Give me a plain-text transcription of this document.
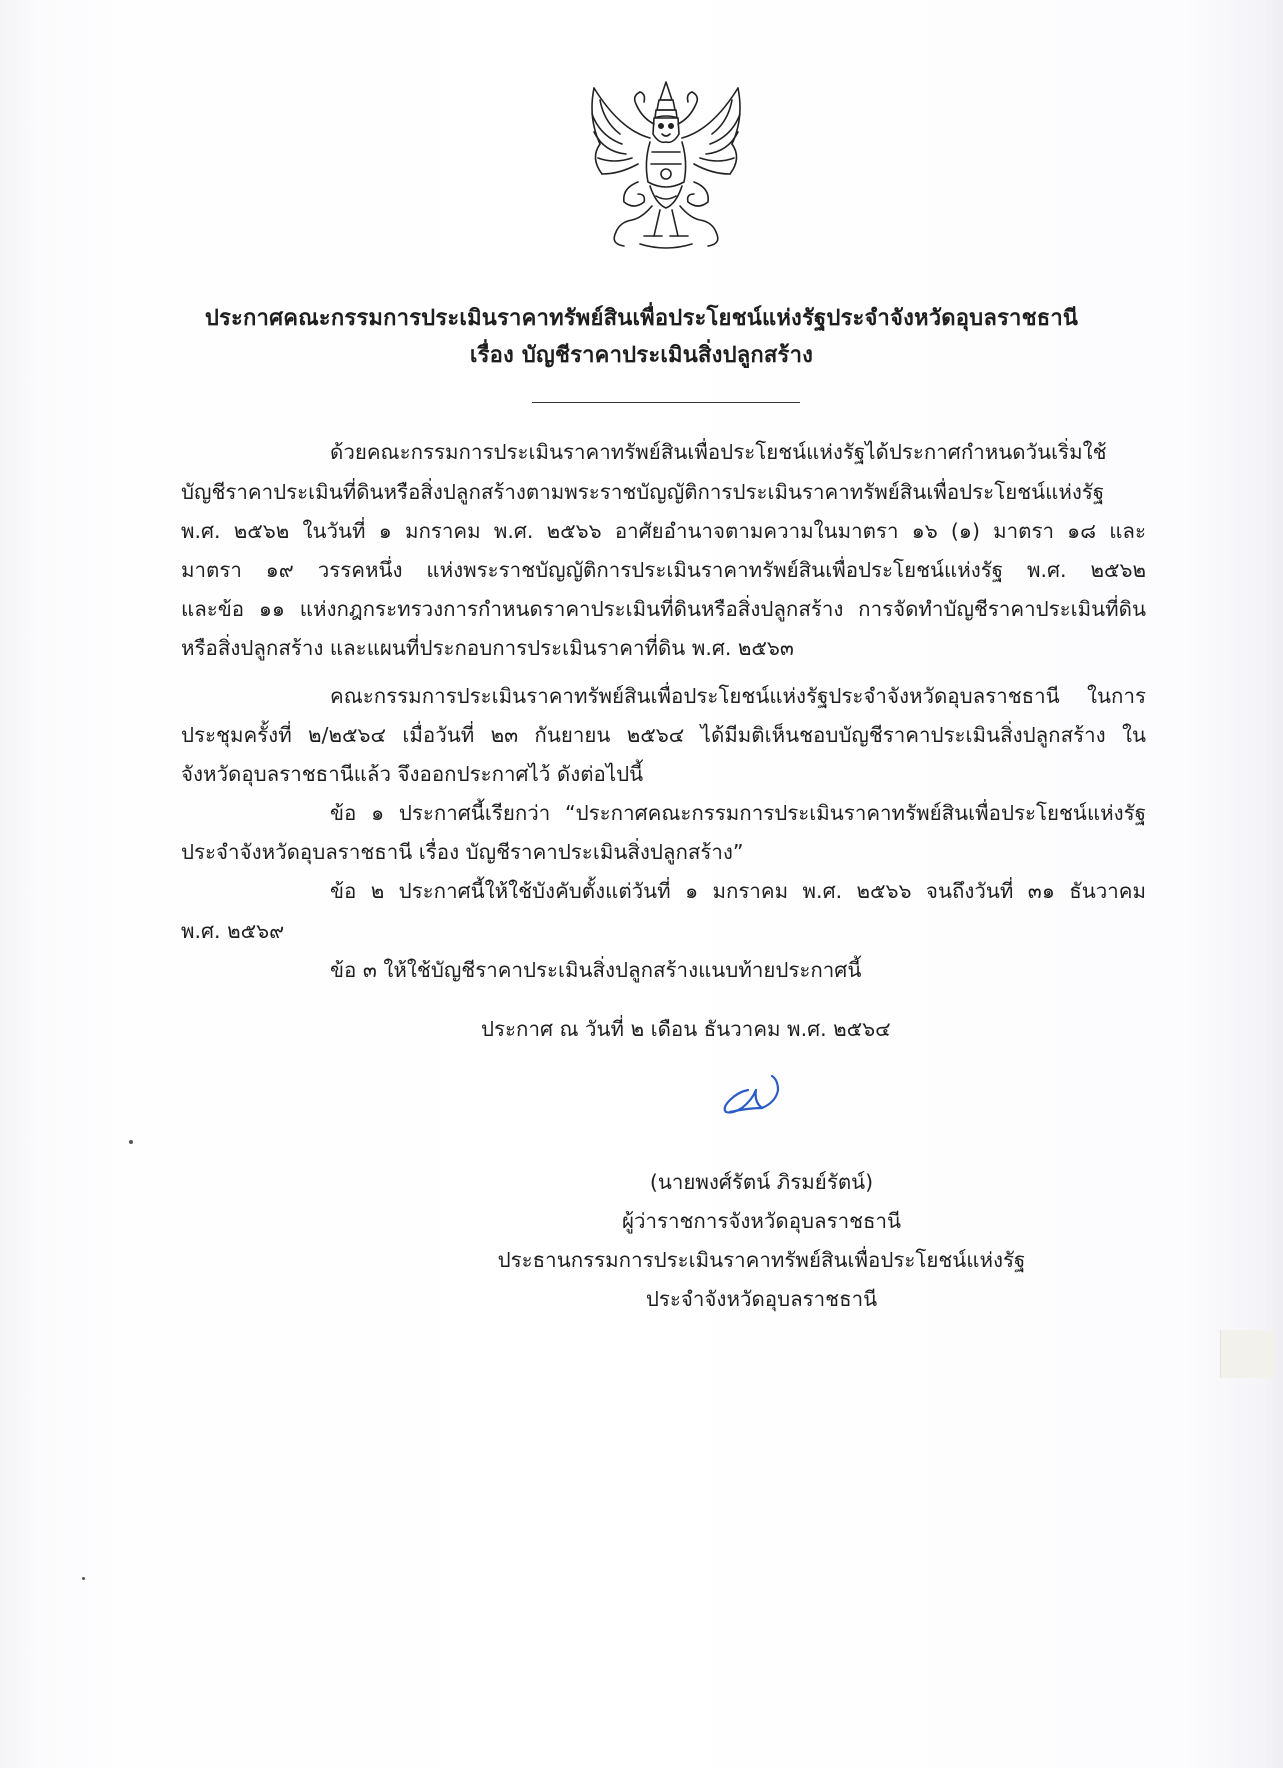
ประกาศคณะกรรมการประเมินราคาทรัพย์สินเพื่อประโยชน์แห่งรัฐประจำจังหวัดอุบลราชธานี
เรื่อง บัญชีราคาประเมินสิ่งปลูกสร้าง
ด้วยคณะกรรมการประเมินราคาทรัพย์สินเพื่อประโยชน์แห่งรัฐได้ประกาศกำหนดวันเริ่มใช้
บัญชีราคาประเมินที่ดินหรือสิ่งปลูกสร้างตามพระราชบัญญัติการประเมินราคาทรัพย์สินเพื่อประโยชน์แห่งรัฐ
พ.ศ. ๒๕๖๒ ในวันที่ ๑ มกราคม พ.ศ. ๒๕๖๖ อาศัยอำนาจตามความในมาตรา ๑๖ (๑) มาตรา ๑๘ และ
มาตรา ๑๙ วรรคหนึ่ง แห่งพระราชบัญญัติการประเมินราคาทรัพย์สินเพื่อประโยชน์แห่งรัฐ พ.ศ. ๒๕๖๒
และข้อ ๑๑ แห่งกฎกระทรวงการกำหนดราคาประเมินที่ดินหรือสิ่งปลูกสร้าง การจัดทำบัญชีราคาประเมินที่ดิน
หรือสิ่งปลูกสร้าง และแผนที่ประกอบการประเมินราคาที่ดิน พ.ศ. ๒๕๖๓
คณะกรรมการประเมินราคาทรัพย์สินเพื่อประโยชน์แห่งรัฐประจำจังหวัดอุบลราชธานี ในการ
ประชุมครั้งที่ ๒/๒๕๖๔ เมื่อวันที่ ๒๓ กันยายน ๒๕๖๔ ได้มีมติเห็นชอบบัญชีราคาประเมินสิ่งปลูกสร้าง ใน
จังหวัดอุบลราชธานีแล้ว จึงออกประกาศไว้ ดังต่อไปนี้
ข้อ ๑ ประกาศนี้เรียกว่า “ประกาศคณะกรรมการประเมินราคาทรัพย์สินเพื่อประโยชน์แห่งรัฐ
ประจำจังหวัดอุบลราชธานี เรื่อง บัญชีราคาประเมินสิ่งปลูกสร้าง”
ข้อ ๒ ประกาศนี้ให้ใช้บังคับตั้งแต่วันที่ ๑ มกราคม พ.ศ. ๒๕๖๖ จนถึงวันที่ ๓๑ ธันวาคม
พ.ศ. ๒๕๖๙
ข้อ ๓ ให้ใช้บัญชีราคาประเมินสิ่งปลูกสร้างแนบท้ายประกาศนี้
ประกาศ ณ วันที่ ๒ เดือน ธันวาคม พ.ศ. ๒๕๖๔
(นายพงศ์รัตน์ ภิรมย์รัตน์)
ผู้ว่าราชการจังหวัดอุบลราชธานี
ประธานกรรมการประเมินราคาทรัพย์สินเพื่อประโยชน์แห่งรัฐ
ประจำจังหวัดอุบลราชธานี
